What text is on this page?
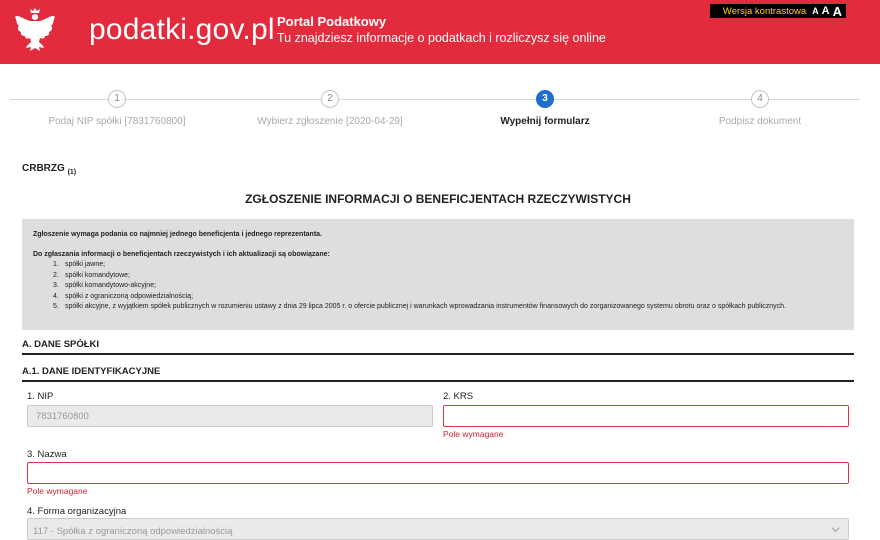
podatki.gov.pl Portal Podatkowy
Tu znajdziesz informacje o podatkach i rozliczysz się online
Wersja kontrastowa A A A
1
Podaj NIP spółki [7831760800]
2
Wybierz zgłoszenie [2020-04-29]
3
Wypełnij formularz
4
Podpisz dokument
CRBRZG $_{(1)}$
ZGŁOSZENIE INFORMACJI O BENEFICJENTACH RZECZYWISTYCH

Zgłoszenie wymaga podania co najmniej jednego beneficjenta i jednego reprezentanta.

Do zgłaszania informacji o beneficjentach rzeczywistych i ich aktualizacji są obowiązane:

1. spółki jawne;
2. spółki komandytowe;
3. spółki komandytowo-akcyjne;
4. spółki z ograniczoną odpowiedzialnością;
5. spółki akcyjne, z wyjątkiem spółek publicznych w rozumieniu ustawy z dnia 29 lipca 2005 r. o ofercie publicznej i warunkach wprowadzania instrumentów finansowych do zorganizowanego systemu obrotu oraz o spółkach publicznych.
A. DANE SPÓŁKI
A.1. DANE IDENTYFIKACYJNE
1. NIP
7831760800	2. KRS
Pole wymagane
3. Nazwa
Pole wymagane
4. Forma organizacyjna
117 - Spółka z ograniczoną odpowiedzialnością
